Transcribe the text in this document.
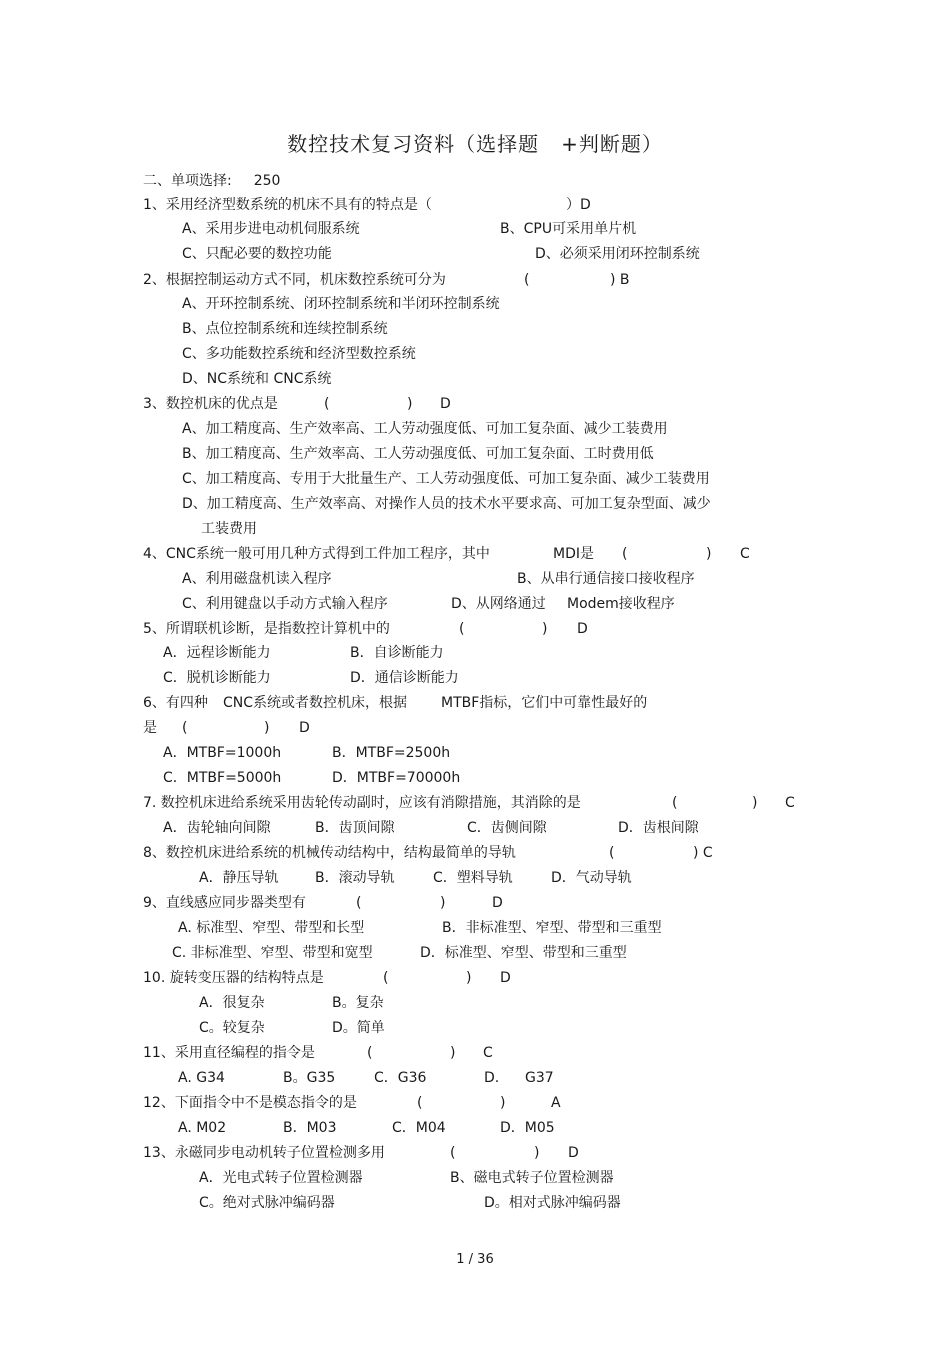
数控技术复习资料（选择题 +判断题）
二、单项选择: 250
1、采用经济型数系统的机床不具有的特点是（	）D
A、采用步进电动机伺服系统	B、CPU可采用单片机
C、只配必要的数控功能	D、必须采用闭环控制系统
2、根据控制运动方式不同，机床数控系统可分为	(	) B
A、开环控制系统、闭环控制系统和半闭环控制系统
B、点位控制系统和连续控制系统
C、多功能数控系统和经济型数控系统
D、NC系统和 CNC系统
3、数控机床的优点是	(	) D
A、加工精度高、生产效率高、工人劳动强度低、可加工复杂面、减少工装费用
B、加工精度高、生产效率高、工人劳动强度低、可加工复杂面、工时费用低
C、加工精度高、专用于大批量生产、工人劳动强度低、可加工复杂面、减少工装费用
D、加工精度高、生产效率高、对操作人员的技术水平要求高、可加工复杂型面、减少
工装费用
4、CNC系统一般可用几种方式得到工件加工程序，其中	MDI是 (	) C
A、利用磁盘机读入程序	B、从串行通信接口接收程序
C、利用键盘以手动方式输入程序	D、从网络通过 Modem接收程序
5、所谓联机诊断，是指数控计算机中的	(	) D
A．远程诊断能力	B．自诊断能力
C．脱机诊断能力	D．通信诊断能力
6、有四种 CNC系统或者数控机床，根据 MTBF指标，它们中可靠性最好的
是 (	) D
A．MTBF=1000h	B．MTBF=2500h
C．MTBF=5000h	D．MTBF=70000h
7. 数控机床进给系统采用齿轮传动副时，应该有消隙措施，其消除的是	(	) C
A．齿轮轴向间隙	B．齿顶间隙	C．齿侧间隙	D．齿根间隙
8、数控机床进给系统的机械传动结构中，结构最简单的导轨	(	) C
A．静压导轨	B．滚动导轨	C．塑料导轨	D．气动导轨
9、直线感应同步器类型有	(	)	D
A. 标准型、窄型、带型和长型	B．非标准型、窄型、带型和三重型
C. 非标准型、窄型、带型和宽型	D．标准型、窄型、带型和三重型
10. 旋转变压器的结构特点是	(	) D
A．很复杂	B。复杂
C。较复杂	D。简单
11、采用直径编程的指令是	(	) C
A. G34	B。G35	C．G36	D. G37
12、下面指令中不是模态指令的是	(	)	A
A. M02	B．M03	C．M04	D．M05
13、永磁同步电动机转子位置检测多用	(	) D
A．光电式转子位置检测器	B、磁电式转子位置检测器
C。绝对式脉冲编码器	D。相对式脉冲编码器
1 / 36
